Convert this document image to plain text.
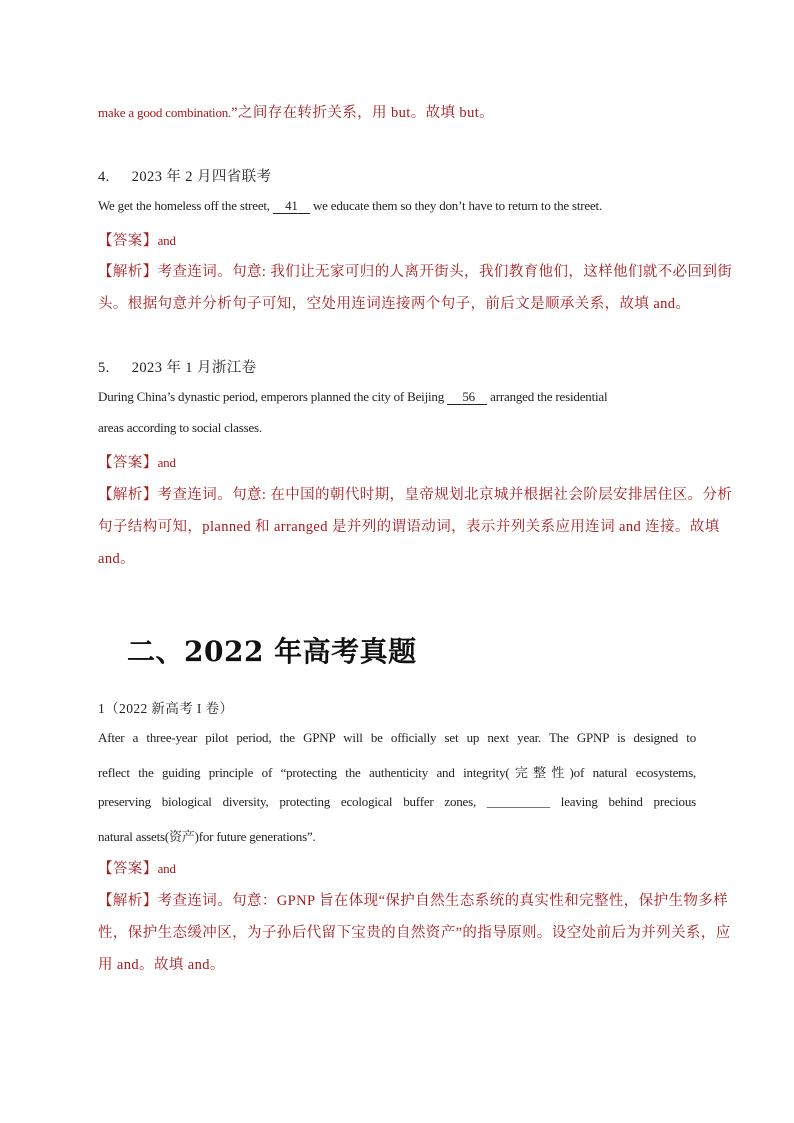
make a good combination.”之间存在转折关系，用 but。故填 but。
4. 2023 年 2 月四省联考
We get the homeless off the street,     41     we educate them so they don’t have to return to the street.
【答案】and
【解析】考查连词。句意: 我们让无家可归的人离开街头，我们教育他们，这样他们就不必回到街
头。根据句意并分析句子可知，空处用连词连接两个句子，前后文是顺承关系，故填 and。
5. 2023 年 1 月浙江卷
During China’s dynastic period, emperors planned the city of Beijing      56     arranged the residential
areas according to social classes.
【答案】and
【解析】考查连词。句意: 在中国的朝代时期，皇帝规划北京城并根据社会阶层安排居住区。分析
句子结构可知，planned 和 arranged 是并列的谓语动词，表示并列关系应用连词 and 连接。故填
and。
二、2022 年高考真题
1（2022 新高考 I 卷）
After a three-year pilot period, the GPNP will be officially set up next year. The GPNP is designed to
reflect the guiding principle of “protecting the authenticity and integrity(完整性)of natural ecosystems,
preserving biological diversity, protecting ecological buffer zones, __________ leaving behind precious
natural assets(资产)for future generations”.
【答案】and
【解析】考查连词。句意：GPNP 旨在体现“保护自然生态系统的真实性和完整性，保护生物多样
性，保护生态缓冲区，为子孙后代留下宝贵的自然资产”的指导原则。设空处前后为并列关系，应
用 and。故填 and。
